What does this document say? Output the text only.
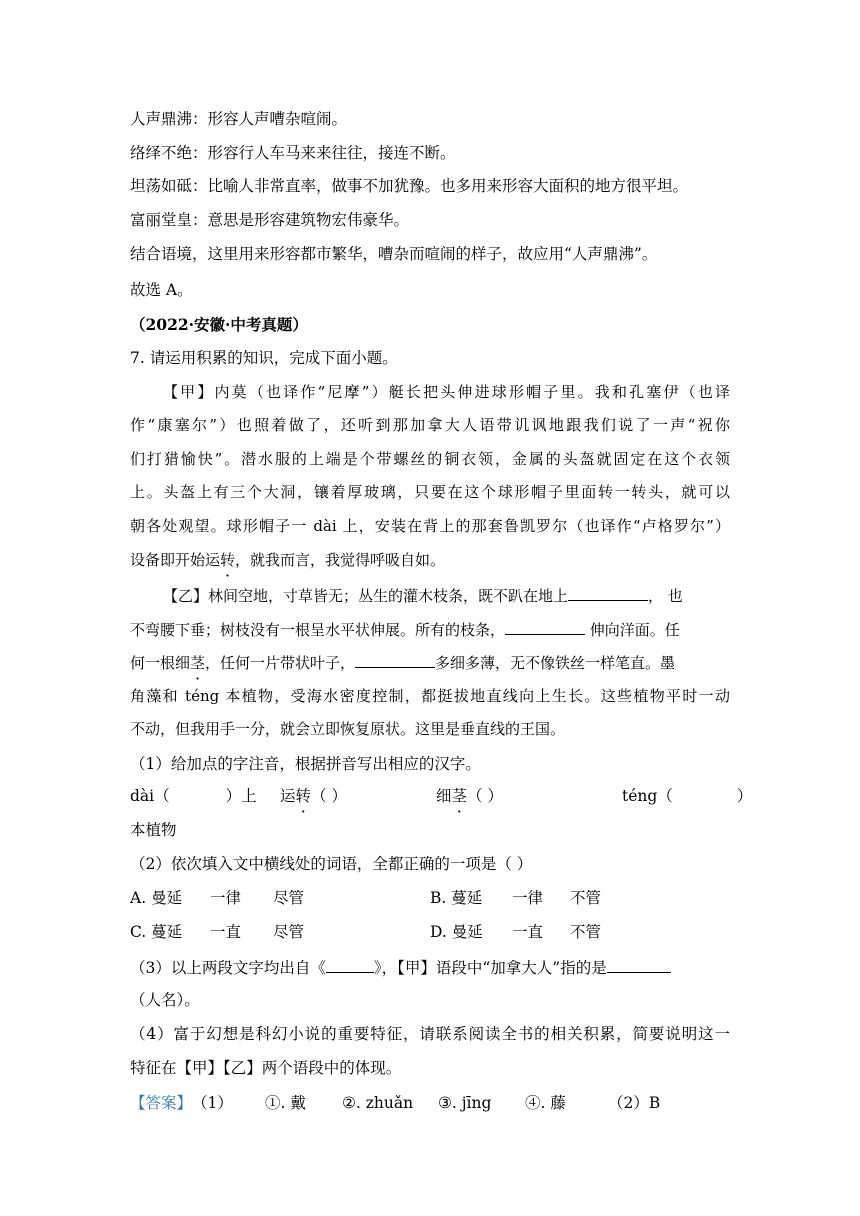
人声鼎沸：形容人声嘈杂喧闹。
络绎不绝：形容行人车马来来往往，接连不断。
坦荡如砥：比喻人非常直率，做事不加犹豫。也多用来形容大面积的地方很平坦。
富丽堂皇：意思是形容建筑物宏伟豪华。
结合语境，这里用来形容都市繁华，嘈杂而喧闹的样子，故应用“人声鼎沸”。
故选 A。
（2022·安徽·中考真题）
7. 请运用积累的知识，完成下面小题。
【甲】内莫（也译作“尼摩”）艇长把头伸进球形帽子里。我和孔塞伊（也译
作“康塞尔”）也照着做了，还听到那加拿大人语带讥讽地跟我们说了一声“祝你
们打猎愉快”。潜水服的上端是个带螺丝的铜衣领，金属的头盔就固定在这个衣领
上。头盔上有三个大洞，镶着厚玻璃，只要在这个球形帽子里面转一转头，就可以
朝各处观望。球形帽子一 dài 上，安装在背上的那套鲁凯罗尔（也译作“卢格罗尔”）
设备即开始运转，就我而言，我觉得呼吸自如。
【乙】林间空地，寸草皆无；丛生的灌木枝条，既不趴在地上	， 也
不弯腰下垂；树枝没有一根呈水平状伸展。所有的枝条，	伸向洋面。任
何一根细茎，任何一片带状叶子，	多细多薄，无不像铁丝一样笔直。墨
角藻和 téng 本植物，受海水密度控制，都挺拔地直线向上生长。这些植物平时一动
不动，但我用手一分，就会立即恢复原状。这里是垂直线的王国。
（1）给加点的字注音，根据拼音写出相应的汉字。
dài（	）上 运转（ ）	细茎（ ）	téng（	）
本植物
（2）依次填入文中横线处的词语，全都正确的一项是（ ）
A. 曼延 一律 尽管	B. 蔓延 一律 不管
C. 蔓延 一直 尽管	D. 曼延 一直 不管
（3）以上两段文字均出自《	》，【甲】语段中“加拿大人”指的是
（人名）。
（4）富于幻想是科幻小说的重要特征，请联系阅读全书的相关积累，简要说明这一
特征在【甲】【乙】两个语段中的体现。
【答案】 （1） ①. 戴 ②. zhuǎn ③. jīng ④. 藤	（2）B
